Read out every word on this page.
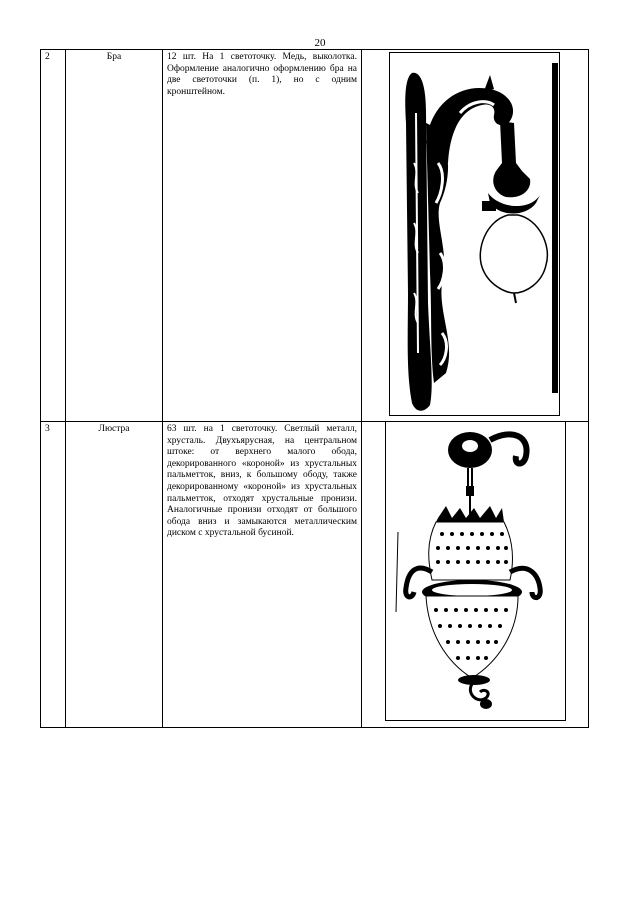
20
2	Бра	12 шт. На 1 светоточку. Медь, выколотка. Оформление аналогично оформлению бра на две светоточки (п. 1), но с одним кронштейном.	

3	Люстра	63 шт. на 1 светоточку. Светлый металл, хрусталь. Двухъярусная, на центральном штоке: от верхнего малого обода, декорированного «короной» из хрустальных пальметток, вниз, к большому ободу, также декорированному «короной» из хрустальных пальметток, отходят хрустальные пронизи. Аналогичные пронизи отходят от большого обода вниз и замыкаются металлическим диском с хрустальной бусиной.	
